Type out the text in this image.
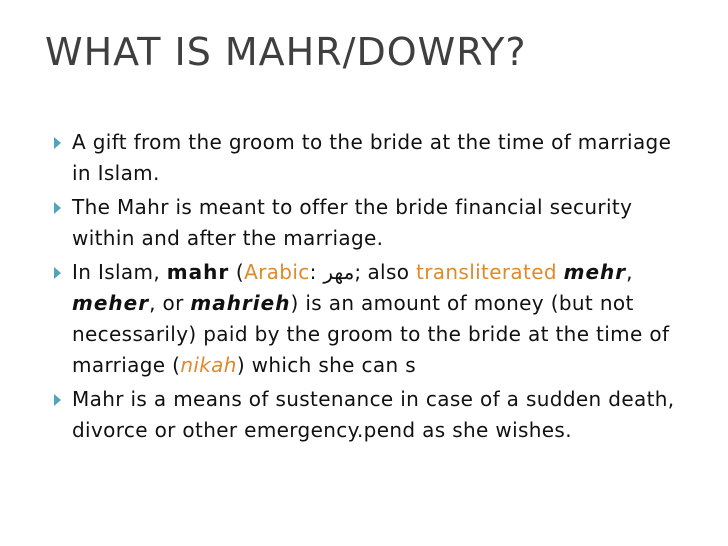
WHAT IS MAHR/DOWRY?
A gift from the groom to the bride at the time of marriage in Islam.
The Mahr is meant to offer the bride financial security within and after the marriage.
In Islam, mahr (Arabic: مهر; also transliterated mehr, meher, or mahrieh) is an amount of money (but not necessarily) paid by the groom to the bride at the time of marriage (nikah) which she can s
Mahr is a means of sustenance in case of a sudden death, divorce or other emergency.pend as she wishes.
